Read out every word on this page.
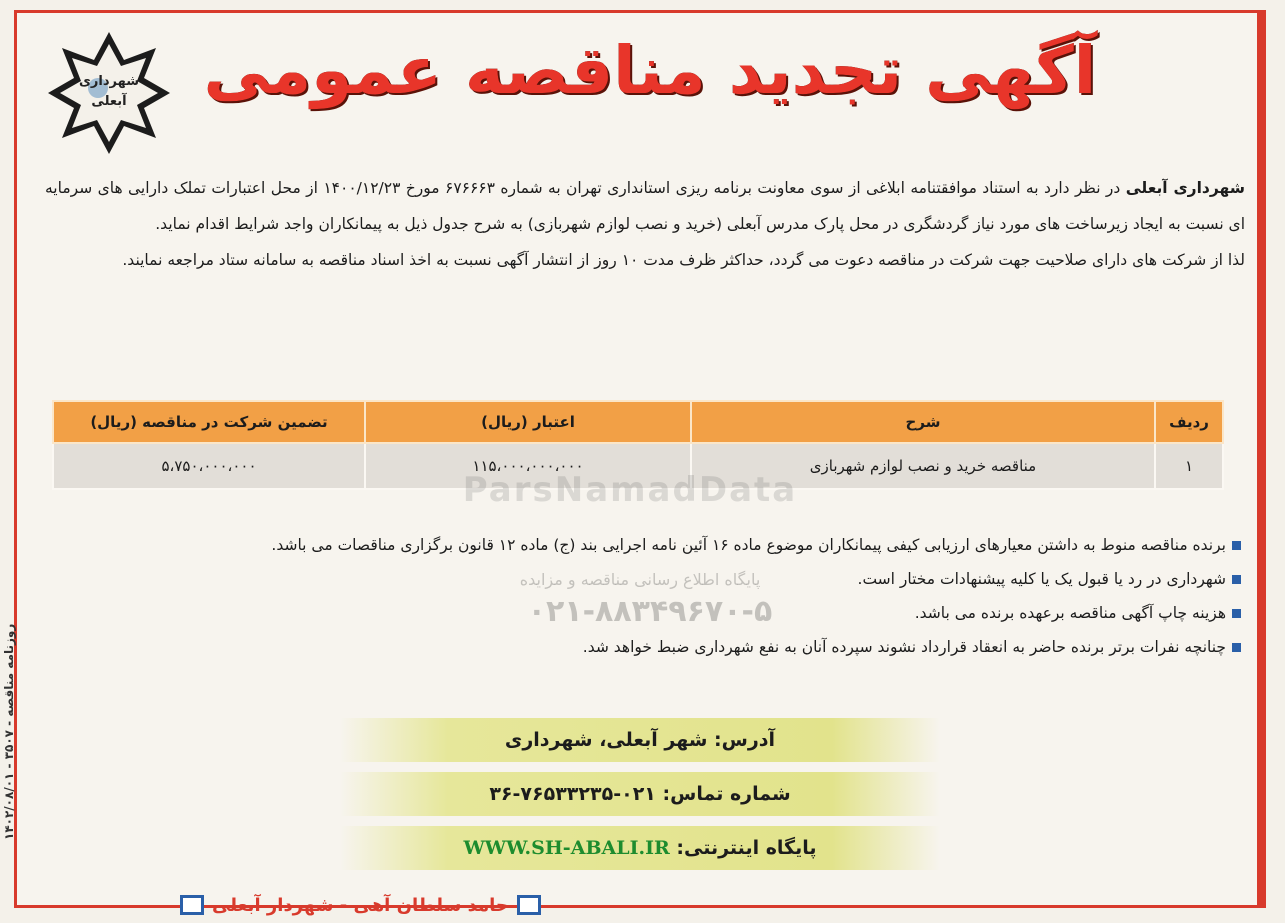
شهرداری
آبعلی	آگهی تجدید مناقصه عمومی

شهرداری آبعلی در نظر دارد به استناد موافقتنامه ابلاغی از سوی معاونت برنامه ریزی استانداری تهران به شماره ۶۷۶۶۶۳ مورخ ۱۴۰۰/۱۲/۲۳ از محل اعتبارات تملک دارایی های سرمایه ای نسبت به ایجاد زیرساخت های مورد نیاز گردشگری در محل پارک مدرس آبعلی (خرید و نصب لوازم شهربازی) به شرح جدول ذیل به پیمانکاران واجد شرایط اقدام نماید.

لذا از شرکت های دارای صلاحیت جهت شرکت در مناقصه دعوت می گردد، حداکثر ظرف مدت ۱۰ روز از انتشار آگهی نسبت به اخذ اسناد مناقصه به سامانه ستاد مراجعه نمایند.

ردیف	شرح	اعتبار (ریال)	تضمین شرکت در مناقصه (ریال)
۱	مناقصه خرید و نصب لوازم شهربازی	۱۱۵،۰۰۰،۰۰۰،۰۰۰	۵،۷۵۰،۰۰۰،۰۰۰
ParsNamadData
پایگاه اطلاع رسانی مناقصه و مزایده
۰۲۱-۸۸۳۴۹۶۷۰-۵
برنده مناقصه منوط به داشتن معیارهای ارزیابی کیفی پیمانکاران موضوع ماده ۱۶ آئین نامه اجرایی بند (ج) ماده ۱۲ قانون برگزاری مناقصات می باشد.
شهرداری در رد یا قبول یک یا کلیه پیشنهادات مختار است.
هزینه چاپ آگهی مناقصه برعهده برنده می باشد.
چنانچه نفرات برتر برنده حاضر به انعقاد قرارداد نشوند سپرده آنان به نفع شهرداری ضبط خواهد شد.
آدرس: شهر آبعلی، شهرداری
شماره تماس: ۰۲۱-۷۶۵۳۳۲۳۵-۳۶
پایگاه اینترنتی: WWW.SH-ABALI.IR
حامد سلطان آهی - شهردار آبعلی
روزنامه مناقصه - ۳۵۰۷ - ۱۴۰۲/۰۸/۰۱
